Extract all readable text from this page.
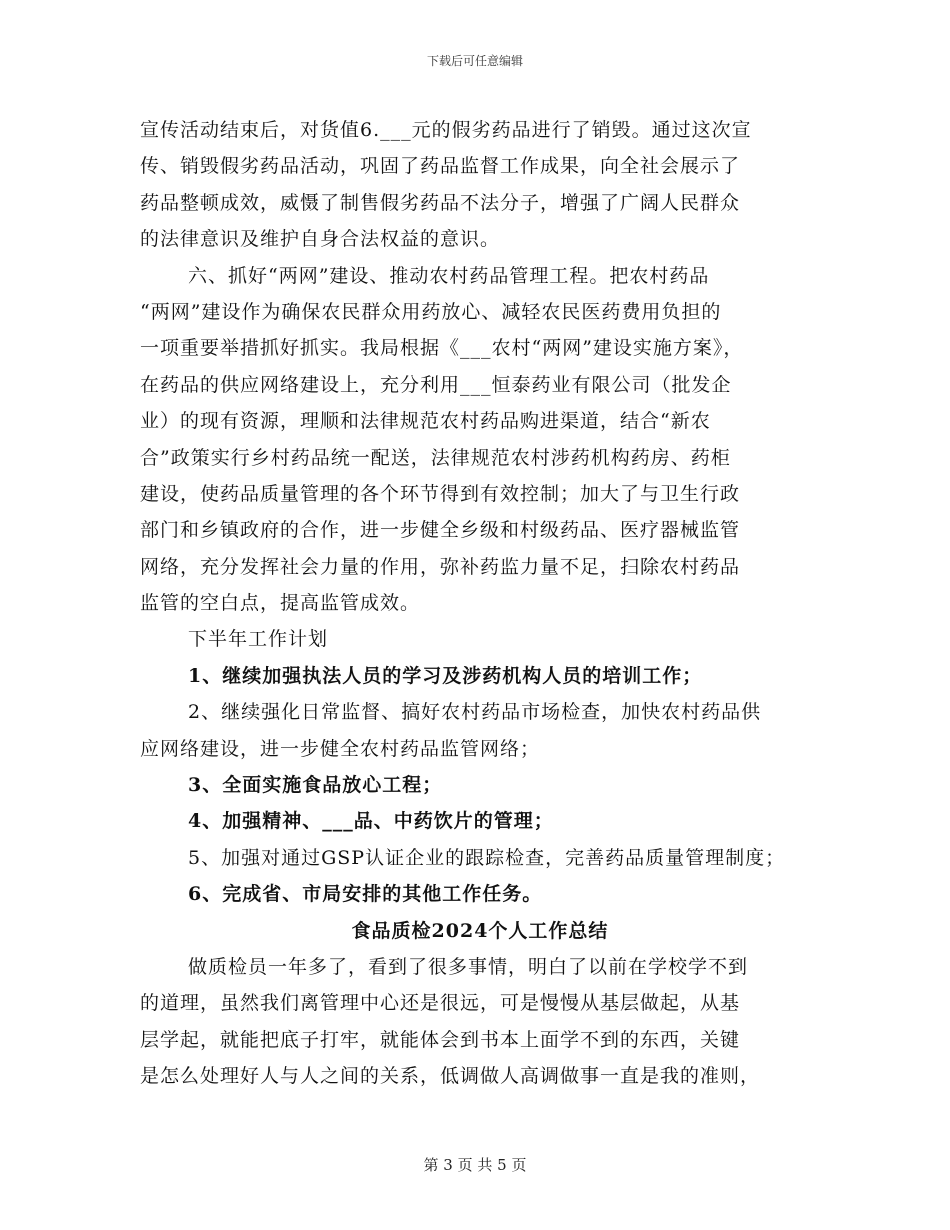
下载后可任意编辑
宣传活动结束后，对货值6.___元的假劣药品进行了销毁。通过这次宣
传、销毁假劣药品活动，巩固了药品监督工作成果，向全社会展示了
药品整顿成效，威慑了制售假劣药品不法分子，增强了广阔人民群众
的法律意识及维护自身合法权益的意识。
六、抓好“两网”建设、推动农村药品管理工程。把农村药品
“两网”建设作为确保农民群众用药放心、减轻农民医药费用负担的
一项重要举措抓好抓实。我局根据《___农村“两网”建设实施方案》，
在药品的供应网络建设上，充分利用___恒泰药业有限公司（批发企
业）的现有资源，理顺和法律规范农村药品购进渠道，结合“新农
合”政策实行乡村药品统一配送，法律规范农村涉药机构药房、药柜
建设，使药品质量管理的各个环节得到有效控制；加大了与卫生行政
部门和乡镇政府的合作，进一步健全乡级和村级药品、医疗器械监管
网络，充分发挥社会力量的作用，弥补药监力量不足，扫除农村药品
监管的空白点，提高监管成效。
下半年工作计划
1、继续加强执法人员的学习及涉药机构人员的培训工作；
2、继续强化日常监督、搞好农村药品市场检查，加快农村药品供
应网络建设，进一步健全农村药品监管网络；
3、全面实施食品放心工程；
4、加强精神、___品、中药饮片的管理；
5、加强对通过GSP认证企业的跟踪检查，完善药品质量管理制度；
6、完成省、市局安排的其他工作任务。
食品质检2024个人工作总结
做质检员一年多了，看到了很多事情，明白了以前在学校学不到
的道理，虽然我们离管理中心还是很远，可是慢慢从基层做起，从基
层学起，就能把底子打牢，就能体会到书本上面学不到的东西，关键
是怎么处理好人与人之间的关系，低调做人高调做事一直是我的准则，
第 3 页 共 5 页
